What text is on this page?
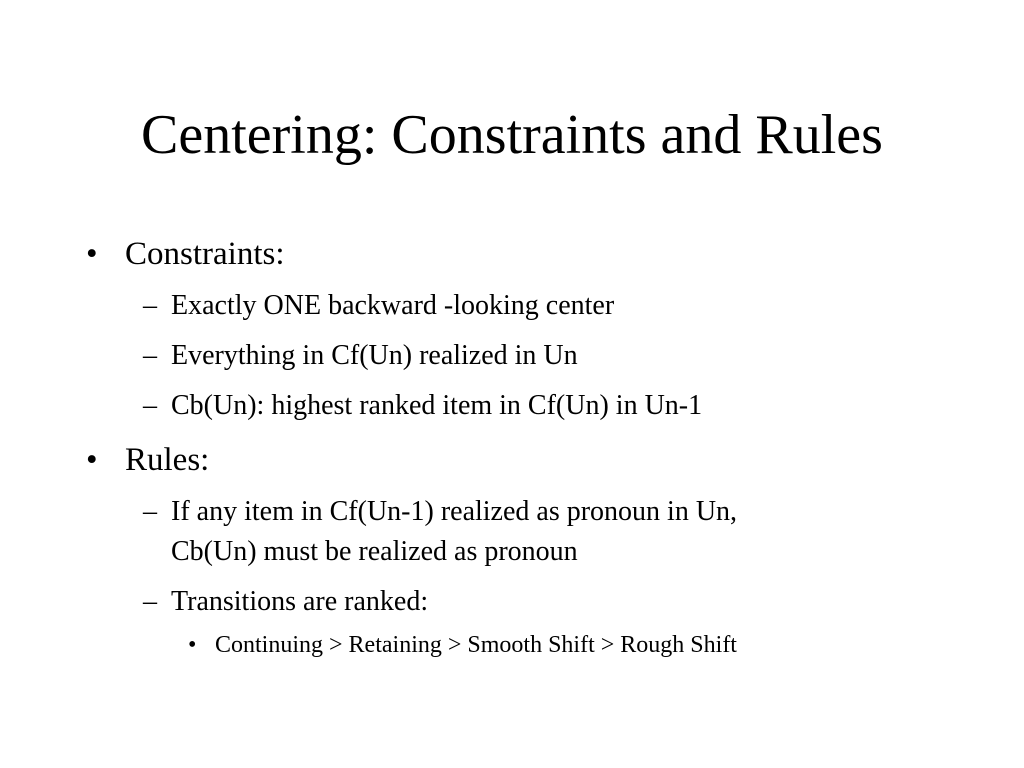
Centering: Constraints and Rules
• Constraints:
– Exactly ONE backward -looking center
– Everything in Cf(Un) realized in Un
– Cb(Un): highest ranked item in Cf(Un) in Un-1
• Rules:
– If any item in Cf(Un-1) realized as pronoun in Un,
Cb(Un) must be realized as pronoun
– Transitions are ranked:
• Continuing > Retaining > Smooth Shift > Rough Shift
